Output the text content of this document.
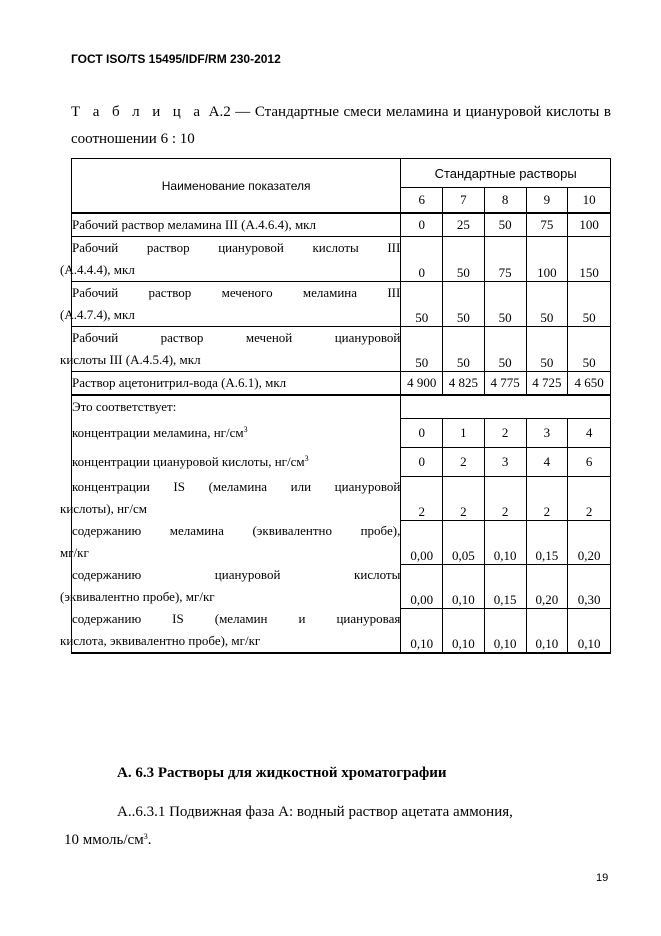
ГОСТ ISO/TS 15495/IDF/RM 230-2012
Т а б л и ц а А.2 — Стандартные смеси меламина и циануровой кислоты в соотношении 6 : 10
Наименование показателя	Стандартные растворы				
	6	7	8	9	10
Рабочий раствор меламина III (А.4.6.4), мкл	0	25	50	75	100

Рабочий раствор циануровой кислоты III
(А.4.4.4), мкл	0	50	75	100	150

Рабочий раствор меченого меламина III
(А.4.7.4), мкл	50	50	50	50	50

Рабочий раствор меченой циануровой
кислоты III (А.4.5.4), мкл	50	50	50	50	50
Раствор ацетонитрил-вода (А.6.1), мкл	4 900	4 825	4 775	4 725	4 650
Это соответствует:					
концентрации меламина, $нг/см^3$	0	1	2	3	4
концентрации циануровой кислоты, $нг/см^3$	0	2	3	4	6

концентрации IS (меламина или циануровой
кислоты), нг/см	2	2	2	2	2

содержанию меламина (эквивалентно пробе),
мг/кг	0,00	0,05	0,10	0,15	0,20

содержанию циануровой кислоты
(эквивалентно пробе), мг/кг	0,00	0,10	0,15	0,20	0,30

содержанию IS (меламин и циануровая
кислота, эквивалентно пробе), мг/кг	0,10	0,10	0,10	0,10	0,10
А. 6.3 Растворы для жидкостной хроматографии
А..6.3.1 Подвижная фаза А: водный раствор ацетата аммония,
10 ммоль/$см^3$.
19
